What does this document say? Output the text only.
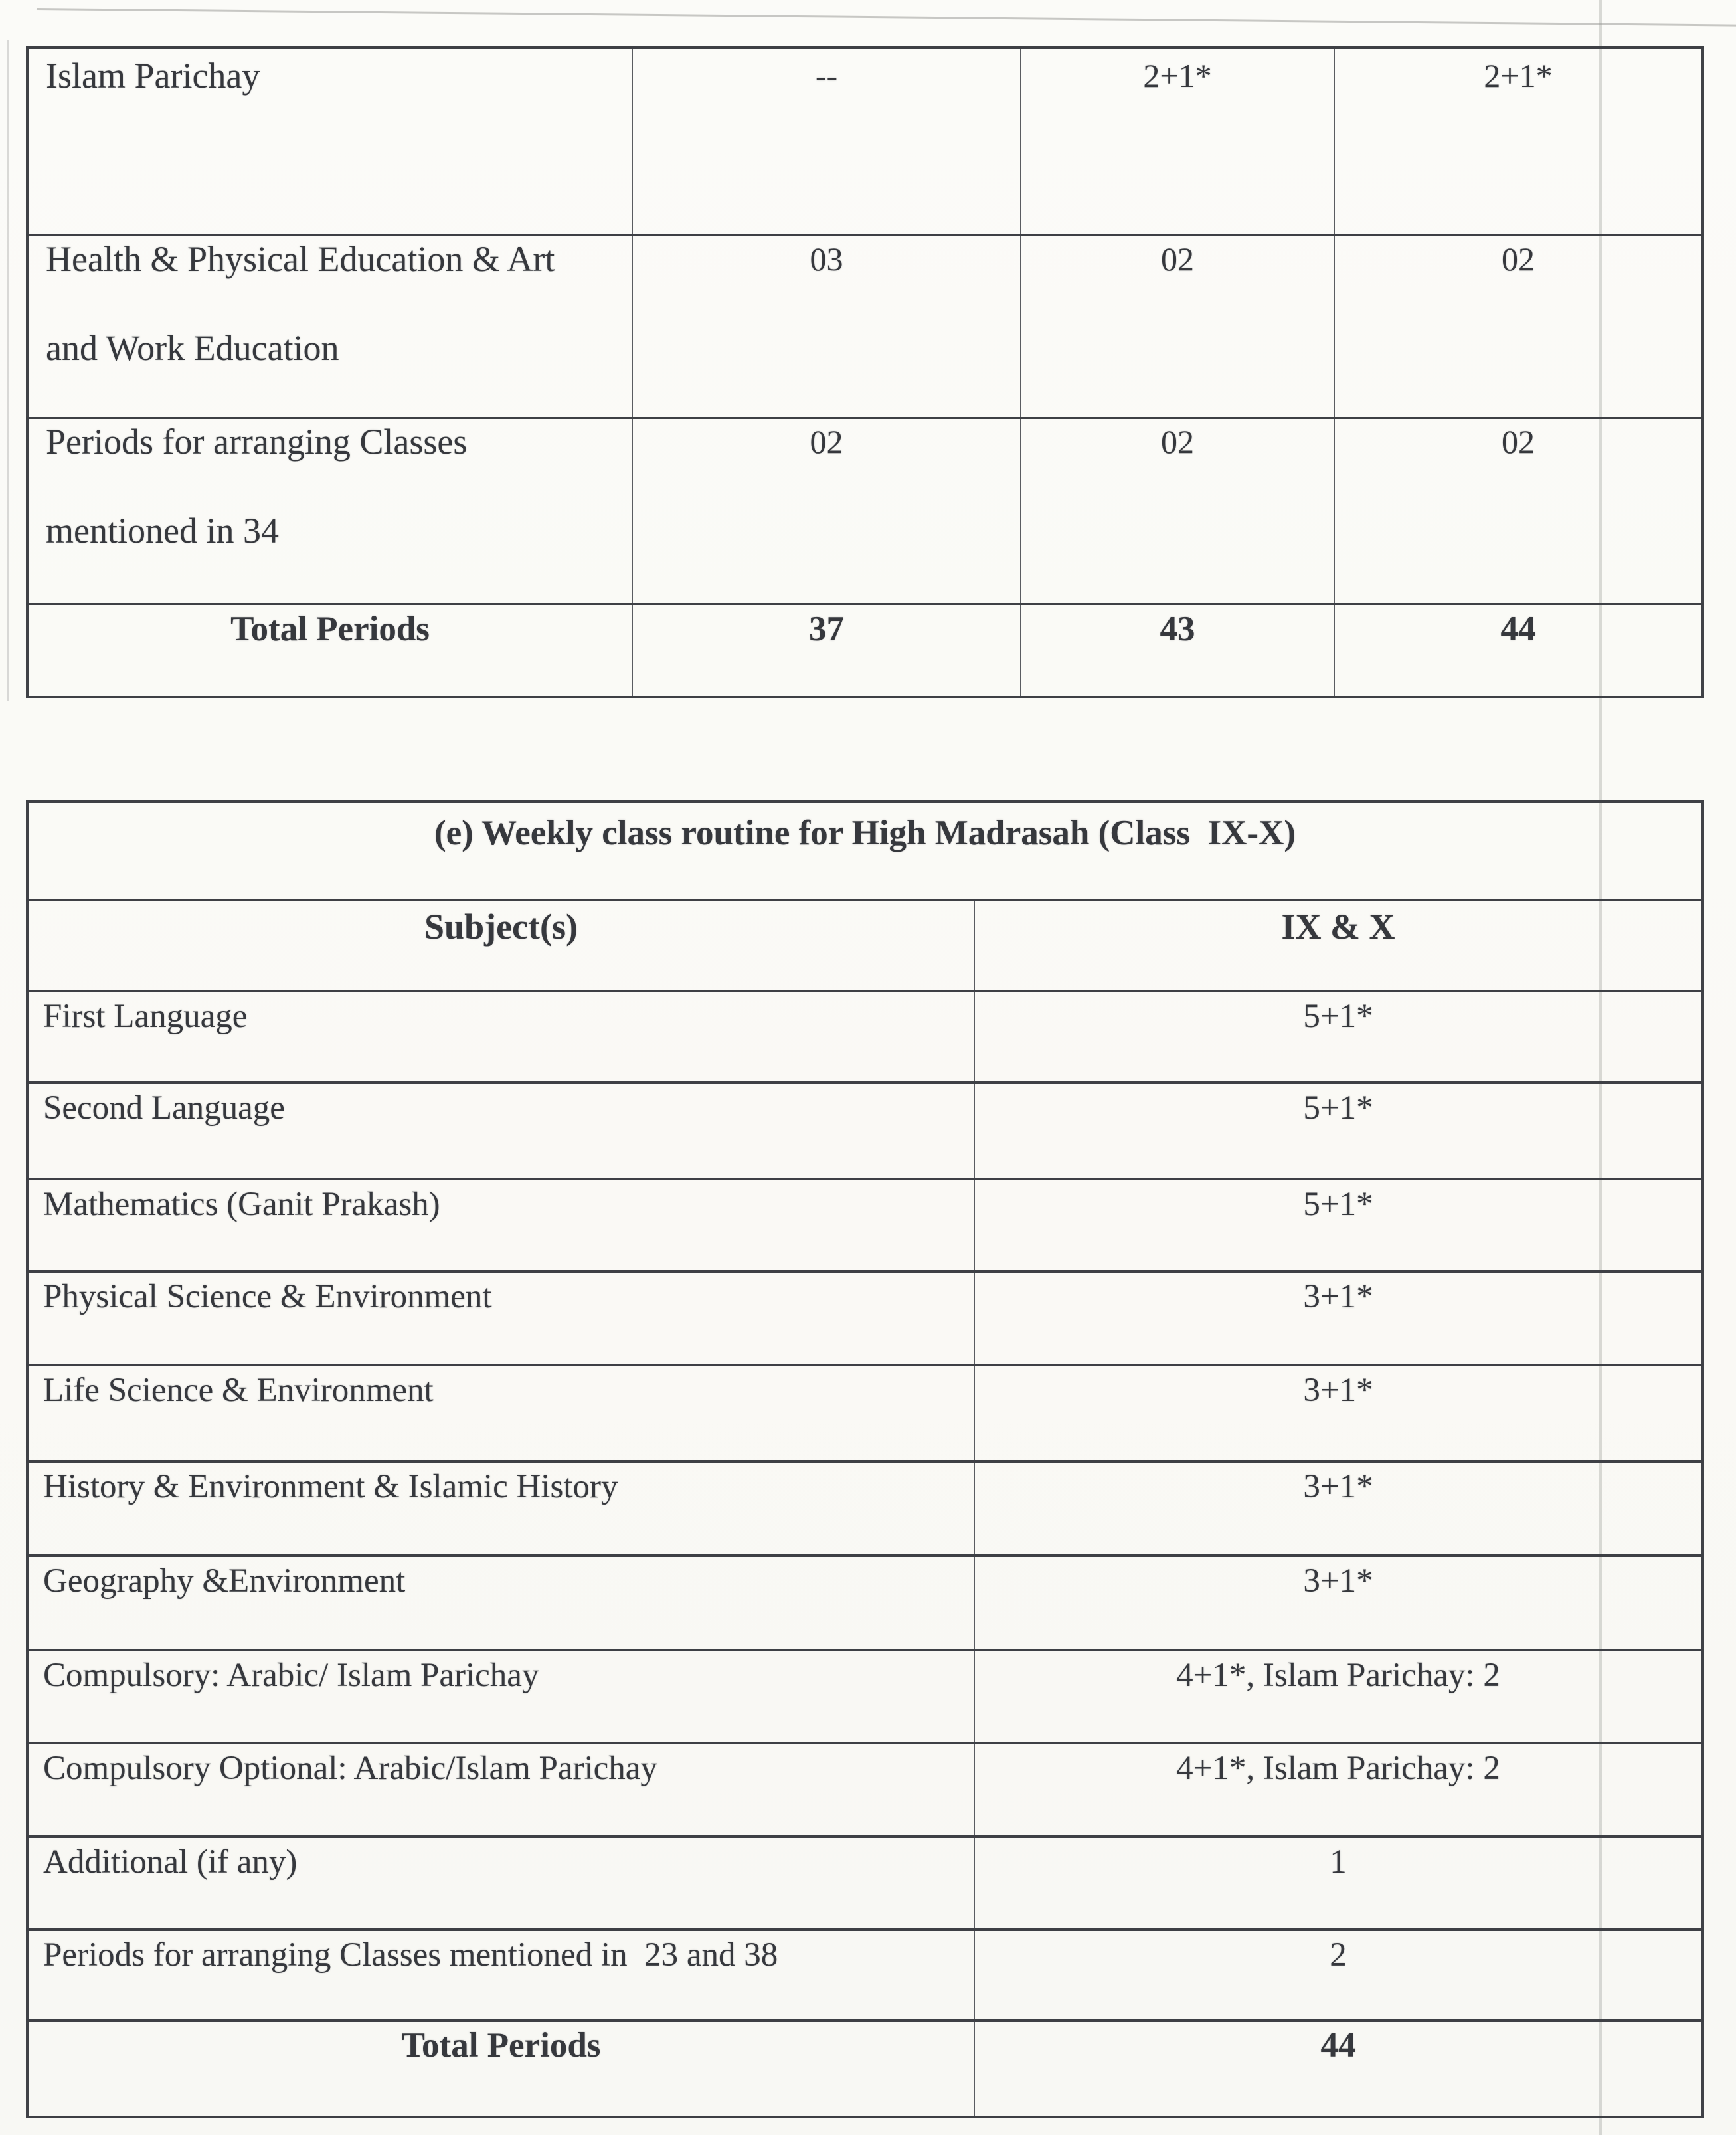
Islam Parichay	--	2+1*	2+1*

Health & Physical Education & Art
and Work Education	03	02	02

Periods for arranging Classes
mentioned in 34	02	02	02

Total Periods	37	43	44
(e) Weekly class routine for High Madrasah (Class  IX-X)	
Subject(s)	IX & X
First Language	5+1*
Second Language	5+1*
Mathematics (Ganit Prakash)	5+1*
Physical Science & Environment	3+1*
Life Science & Environment	3+1*
History & Environment & Islamic History	3+1*
Geography &Environment	3+1*
Compulsory: Arabic/ Islam Parichay	4+1*, Islam Parichay: 2
Compulsory Optional: Arabic/Islam Parichay	4+1*, Islam Parichay: 2
Additional (if any)	1
Periods for arranging Classes mentioned in  23 and 38	2
Total Periods	44
